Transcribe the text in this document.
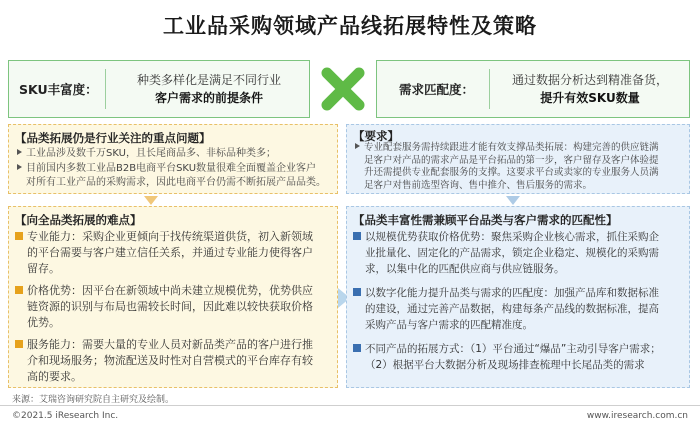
工业品采购领域产品线拓展特性及策略
SKU丰富度：
种类多样化是满足不同行业
客户需求的前提条件
需求匹配度：
通过数据分析达到精准备货，
提升有效SKU数量
【品类拓展仍是行业关注的重点问题】
工业品涉及数千万SKU，且长尾商品多、非标品种类多；
目前国内多数工业品B2B电商平台SKU数量很难全面覆盖企业客户
对所有工业产品的采购需求，因此电商平台仍需不断拓展产品品类。
【要求】
专业配套服务需持续跟进才能有效支撑品类拓展：构建完善的供应链满
足客户对产品的需求产品是平台拓品的第一步，客户留存及客户体验提
升还需提供专业配套服务的支撑。这要求平台或卖家的专业服务人员满
足客户对售前选型咨询、售中推介、售后服务的需求。
【向全品类拓展的难点】
专业能力：采购企业更倾向于找传统渠道供货，初入新领域
的平台需要与客户建立信任关系，并通过专业能力使得客户
留存。
价格优势：因平台在新领域中尚未建立规模优势，优势供应
链资源的识别与布局也需较长时间，因此难以较快获取价格
优势。
服务能力：需要大量的专业人员对新品类产品的客户进行推
介和现场服务；物流配送及时性对自营模式的平台库存有较
高的要求。
【品类丰富性需兼顾平台品类与客户需求的匹配性】
以规模优势获取价格优势：聚焦采购企业核心需求，抓住采购企
业批量化、固定化的产品需求，锁定企业稳定、规模化的采购需
求，以集中化的匹配供应商与供应链服务。
以数字化能力提升品类与需求的匹配度：加强产品库和数据标准
的建设，通过完善产品数据，构建每条产品线的数据标准，提高
采购产品与客户需求的匹配精准度。
不同产品的拓展方式：（1）平台通过“爆品”主动引导客户需求；
（2）根据平台大数据分析及现场排查梳理中长尾品类的需求
来源：艾瑞咨询研究院自主研究及绘制。
©2021.5 iResearch Inc.	www.iresearch.com.cn
